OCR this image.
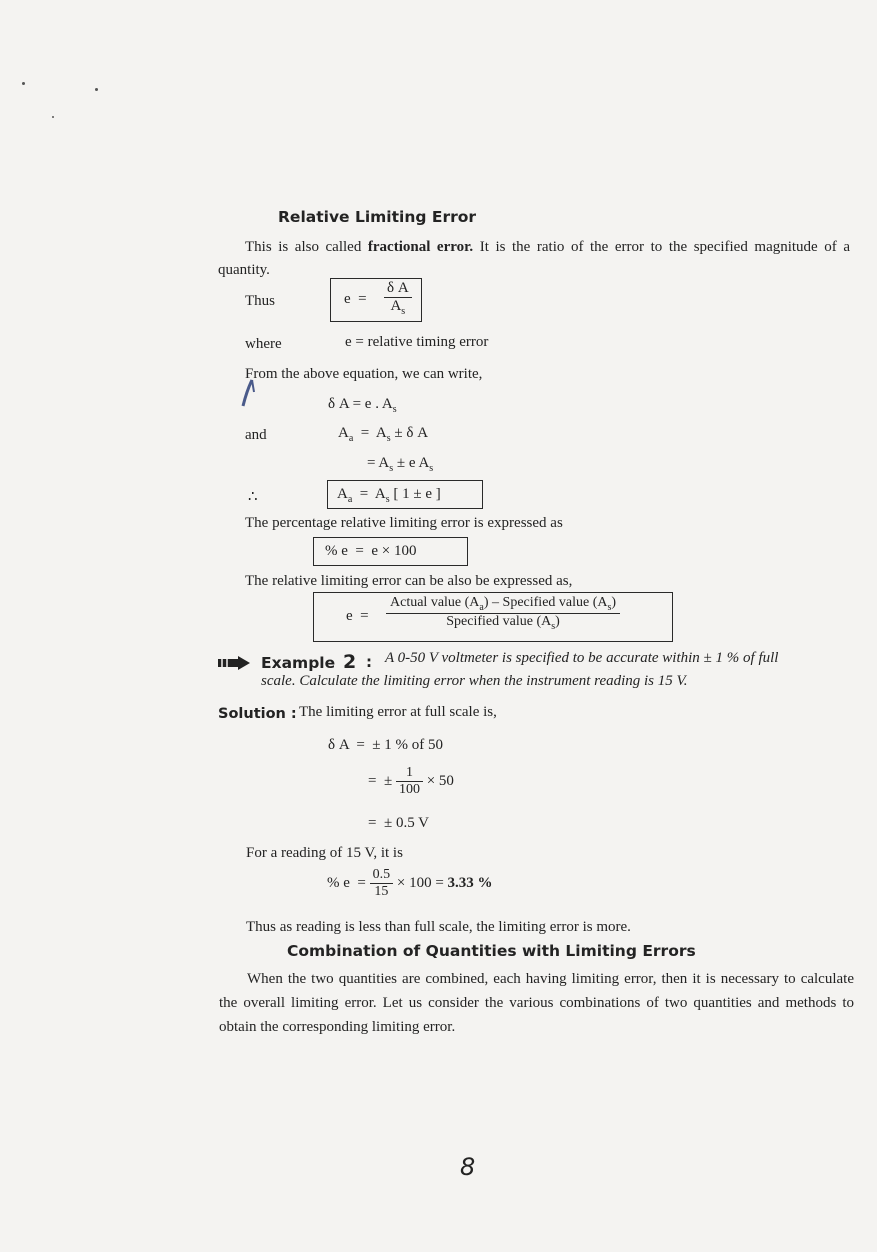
Relative Limiting Error
This is also called fractional error. It is the ratio of the error to the specified magnitude of a quantity.
Thus	$e = \frac{\text{δ A}}{A_s}$
where	e = relative timing error
From the above equation, we can write,
δ A = e . $A_s$
and	$A_a = A_s \pm \delta$ A
= $A_s \pm e$ $A_s$
∴	$A_a = A_s$ [ 1 ± e ]
The percentage relative limiting error is expressed as
% e  =  e × 100
The relative limiting error can be also be expressed as,
$e = \frac{Actual value (A_a) - Specified value (A_s)}{Specified value (A_s)}$
Example 2 : A 0-50 V voltmeter is specified to be accurate within ± 1 % of full
scale. Calculate the limiting error when the instrument reading is 15 V.
Solution : The limiting error at full scale is,
δ A  =  ± 1 % of 50
=  ± $\frac{1}{100} \times 50$
=  ± 0.5 V
For a reading of 15 V, it is
% $e = \frac{0.5}{15} \times 100 = 3.33$ %
Thus as reading is less than full scale, the limiting error is more.
Combination of Quantities with Limiting Errors
When the two quantities are combined, each having limiting error, then it is necessary to calculate the overall limiting error. Let us consider the various combinations of two quantities and methods to obtain the corresponding limiting error.
8
